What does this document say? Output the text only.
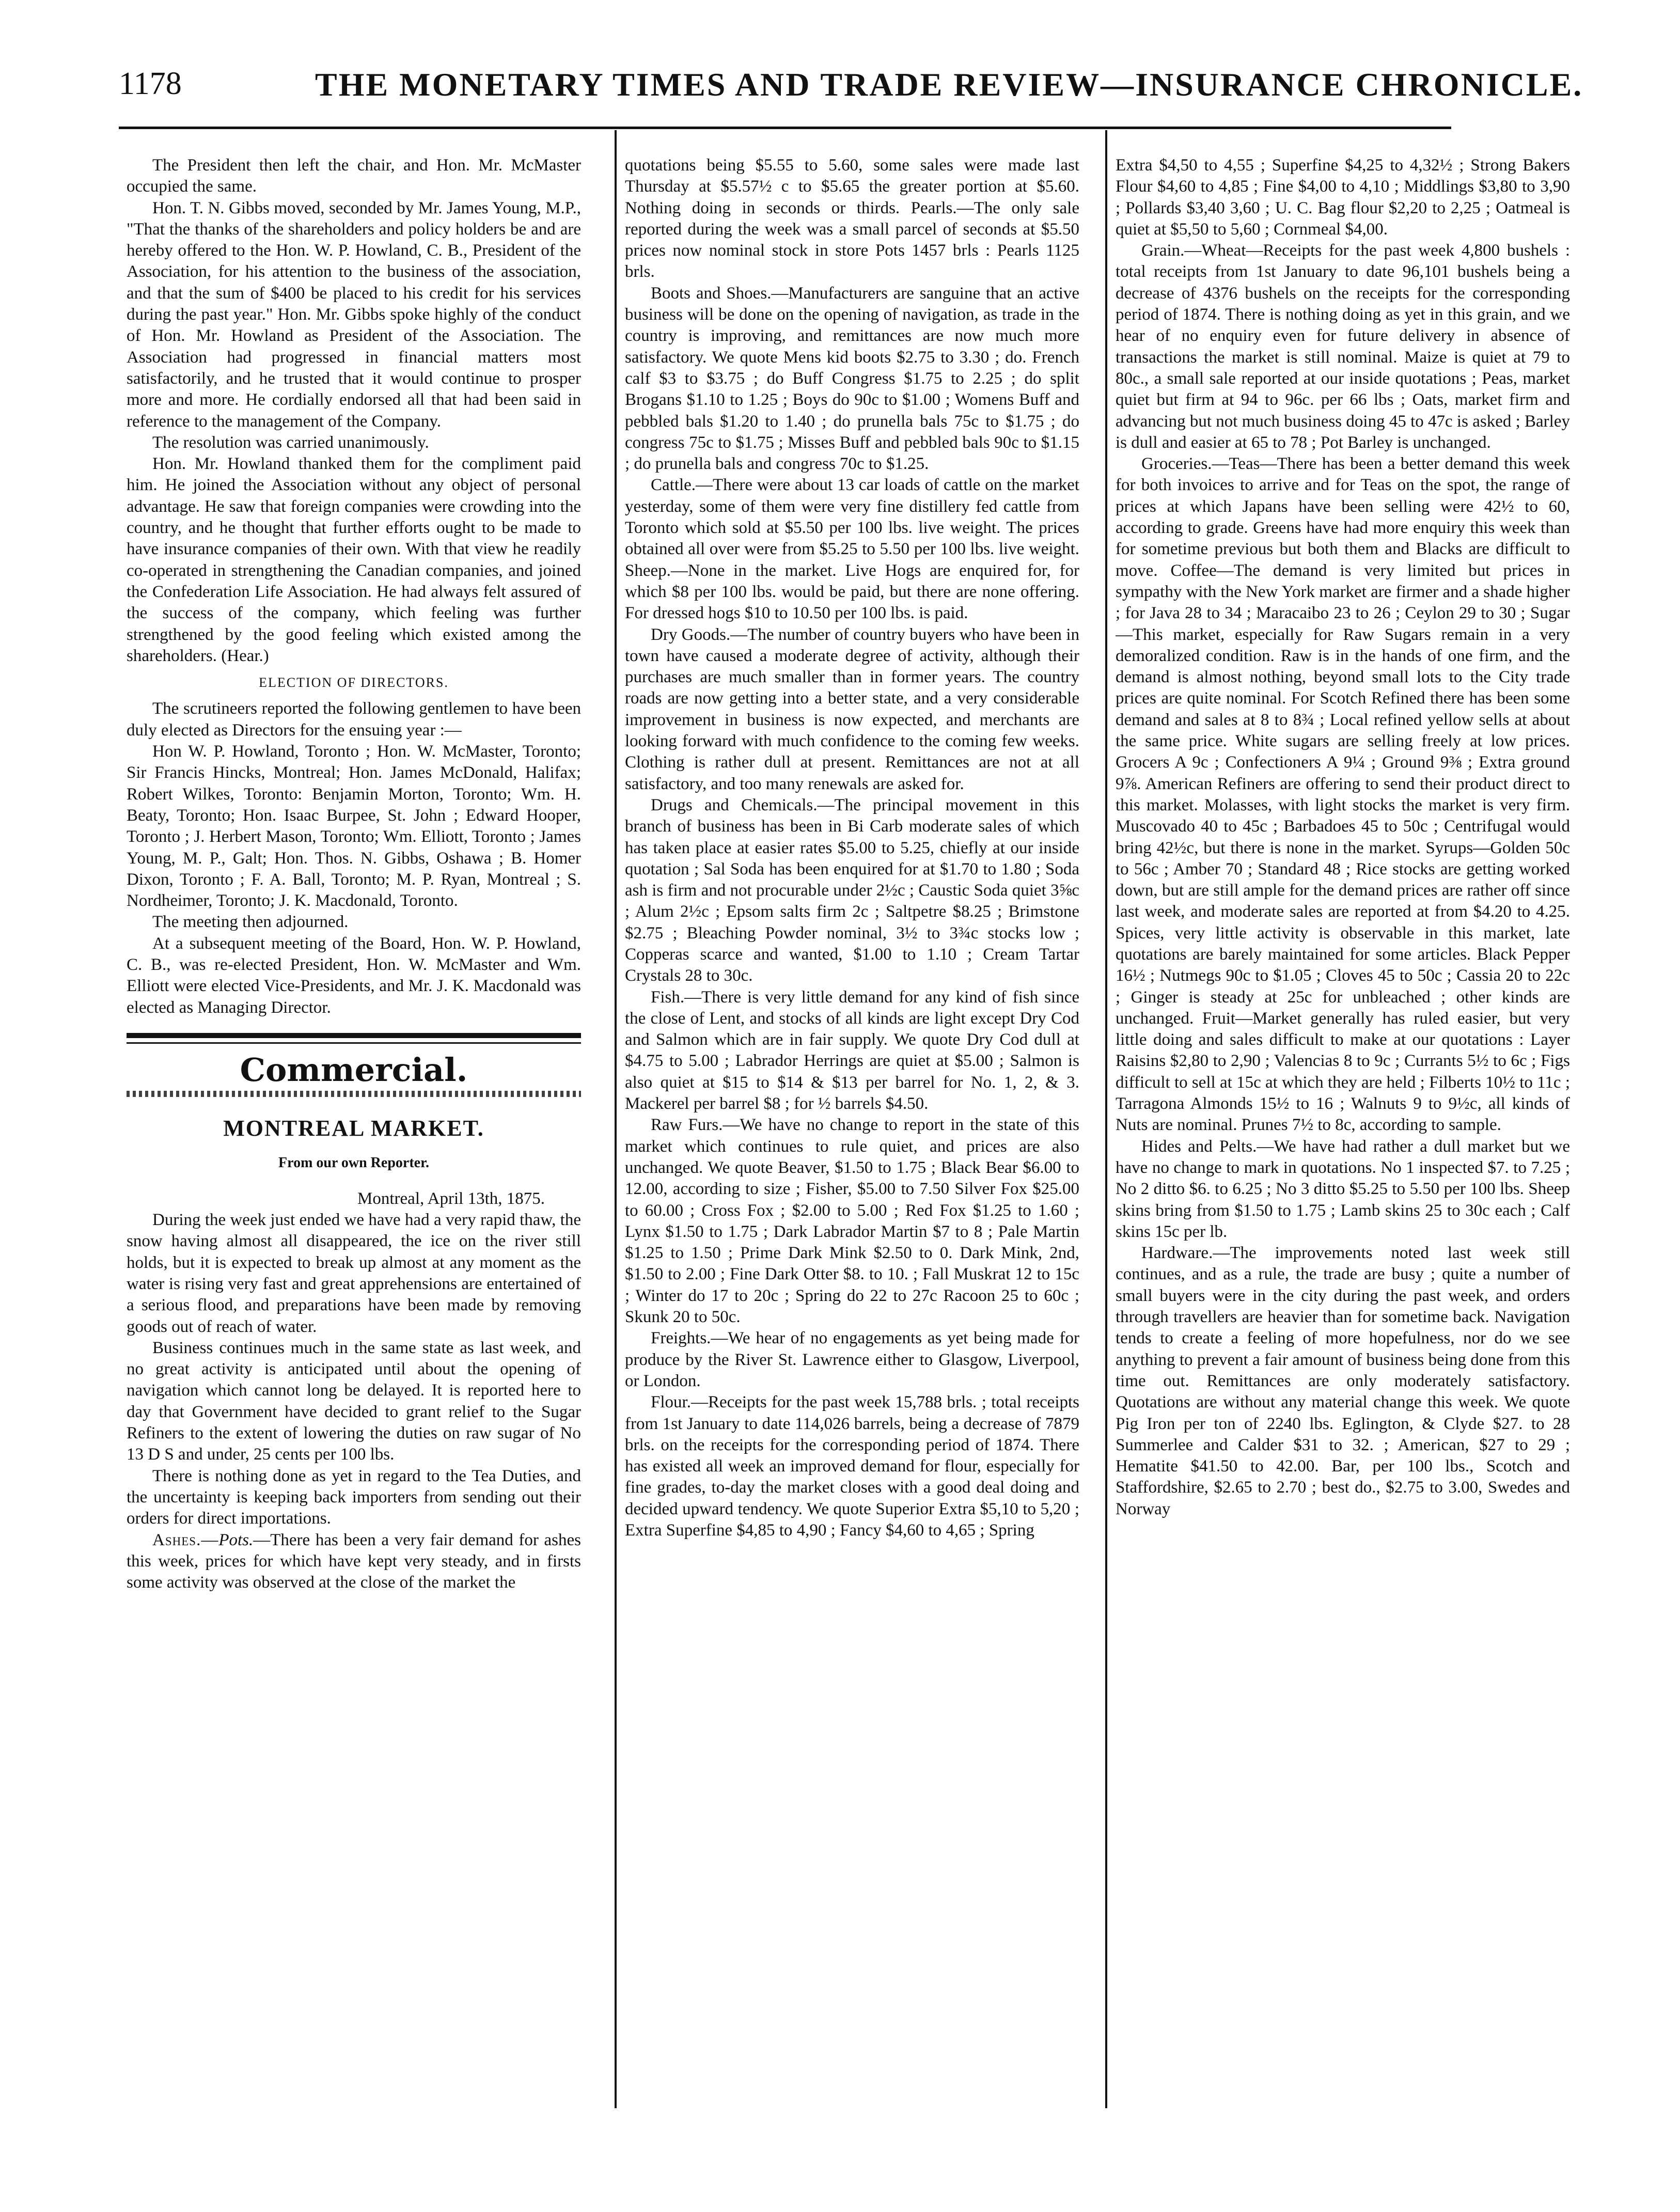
1178	THE MONETARY TIMES AND TRADE REVIEW—INSURANCE CHRONICLE.

The President then left the chair, and Hon. Mr. McMaster occupied the same.

Hon. T. N. Gibbs moved, seconded by Mr. James Young, M.P., "That the thanks of the shareholders and policy holders be and are hereby offered to the Hon. W. P. Howland, C. B., President of the Association, for his attention to the business of the association, and that the sum of $400 be placed to his credit for his services during the past year." Hon. Mr. Gibbs spoke highly of the conduct of Hon. Mr. Howland as President of the Association. The Association had progressed in financial matters most satisfactorily, and he trusted that it would continue to prosper more and more. He cordially endorsed all that had been said in reference to the management of the Company.

The resolution was carried unanimously.

Hon. Mr. Howland thanked them for the compliment paid him. He joined the Association without any object of personal advantage. He saw that foreign companies were crowding into the country, and he thought that further efforts ought to be made to have insurance companies of their own. With that view he readily co-operated in strengthening the Canadian companies, and joined the Confederation Life Association. He had always felt assured of the success of the company, which feeling was further strengthened by the good feeling which existed among the shareholders. (Hear.)

ELECTION OF DIRECTORS.

The scrutineers reported the following gentlemen to have been duly elected as Directors for the ensuing year :—

Hon W. P. Howland, Toronto ; Hon. W. McMaster, Toronto; Sir Francis Hincks, Montreal; Hon. James McDonald, Halifax; Robert Wilkes, Toronto: Benjamin Morton, Toronto; Wm. H. Beaty, Toronto; Hon. Isaac Burpee, St. John ; Edward Hooper, Toronto ; J. Herbert Mason, Toronto; Wm. Elliott, Toronto ; James Young, M. P., Galt; Hon. Thos. N. Gibbs, Oshawa ; B. Homer Dixon, Toronto ; F. A. Ball, Toronto; M. P. Ryan, Montreal ; S. Nordheimer, Toronto; J. K. Macdonald, Toronto.

The meeting then adjourned.

At a subsequent meeting of the Board, Hon. W. P. Howland, C. B., was re-elected President, Hon. W. McMaster and Wm. Elliott were elected Vice-Presidents, and Mr. J. K. Macdonald was elected as Managing Director.

Commercial.
MONTREAL MARKET.
From our own Reporter.

Montreal, April 13th, 1875.

During the week just ended we have had a very rapid thaw, the snow having almost all disappeared, the ice on the river still holds, but it is expected to break up almost at any moment as the water is rising very fast and great apprehensions are entertained of a serious flood, and preparations have been made by removing goods out of reach of water.

Business continues much in the same state as last week, and no great activity is anticipated until about the opening of navigation which cannot long be delayed. It is reported here to day that Government have decided to grant relief to the Sugar Refiners to the extent of lowering the duties on raw sugar of No 13 D S and under, 25 cents per 100 lbs.

There is nothing done as yet in regard to the Tea Duties, and the uncertainty is keeping back importers from sending out their orders for direct importations.

Ashes.—Pots.—There has been a very fair demand for ashes this week, prices for which have kept very steady, and in firsts some activity was observed at the close of the market the

quotations being $5.55 to 5.60, some sales were made last Thursday at $5.57½ c to $5.65 the greater portion at $5.60. Nothing doing in seconds or thirds. Pearls.—The only sale reported during the week was a small parcel of seconds at $5.50 prices now nominal stock in store Pots 1457 brls : Pearls 1125 brls.

Boots and Shoes.—Manufacturers are sanguine that an active business will be done on the opening of navigation, as trade in the country is improving, and remittances are now much more satisfactory. We quote Mens kid boots $2.75 to 3.30 ; do. French calf $3 to $3.75 ; do Buff Congress $1.75 to 2.25 ; do split Brogans $1.10 to 1.25 ; Boys do 90c to $1.00 ; Womens Buff and pebbled bals $1.20 to 1.40 ; do prunella bals 75c to $1.75 ; do congress 75c to $1.75 ; Misses Buff and pebbled bals 90c to $1.15 ; do prunella bals and congress 70c to $1.25.

Cattle.—There were about 13 car loads of cattle on the market yesterday, some of them were very fine distillery fed cattle from Toronto which sold at $5.50 per 100 lbs. live weight. The prices obtained all over were from $5.25 to 5.50 per 100 lbs. live weight. Sheep.—None in the market. Live Hogs are enquired for, for which $8 per 100 lbs. would be paid, but there are none offering. For dressed hogs $10 to 10.50 per 100 lbs. is paid.

Dry Goods.—The number of country buyers who have been in town have caused a moderate degree of activity, although their purchases are much smaller than in former years. The country roads are now getting into a better state, and a very considerable improvement in business is now expected, and merchants are looking forward with much confidence to the coming few weeks. Clothing is rather dull at present. Remittances are not at all satisfactory, and too many renewals are asked for.

Drugs and Chemicals.—The principal movement in this branch of business has been in Bi Carb moderate sales of which has taken place at easier rates $5.00 to 5.25, chiefly at our inside quotation ; Sal Soda has been enquired for at $1.70 to 1.80 ; Soda ash is firm and not procurable under 2½c ; Caustic Soda quiet 3⅝c ; Alum 2½c ; Epsom salts firm 2c ; Saltpetre $8.25 ; Brimstone $2.75 ; Bleaching Powder nominal, 3½ to 3¾c stocks low ; Copperas scarce and wanted, $1.00 to 1.10 ; Cream Tartar Crystals 28 to 30c.

Fish.—There is very little demand for any kind of fish since the close of Lent, and stocks of all kinds are light except Dry Cod and Salmon which are in fair supply. We quote Dry Cod dull at $4.75 to 5.00 ; Labrador Herrings are quiet at $5.00 ; Salmon is also quiet at $15 to $14 & $13 per barrel for No. 1, 2, & 3. Mackerel per barrel $8 ; for ½ barrels $4.50.

Raw Furs.—We have no change to report in the state of this market which continues to rule quiet, and prices are also unchanged. We quote Beaver, $1.50 to 1.75 ; Black Bear $6.00 to 12.00, according to size ; Fisher, $5.00 to 7.50 Silver Fox $25.00 to 60.00 ; Cross Fox ; $2.00 to 5.00 ; Red Fox $1.25 to 1.60 ; Lynx $1.50 to 1.75 ; Dark Labrador Martin $7 to 8 ; Pale Martin $1.25 to 1.50 ; Prime Dark Mink $2.50 to 0. Dark Mink, 2nd, $1.50 to 2.00 ; Fine Dark Otter $8. to 10. ; Fall Muskrat 12 to 15c ; Winter do 17 to 20c ; Spring do 22 to 27c Racoon 25 to 60c ; Skunk 20 to 50c.

Freights.—We hear of no engagements as yet being made for produce by the River St. Lawrence either to Glasgow, Liverpool, or London.

Flour.—Receipts for the past week 15,788 brls. ; total receipts from 1st January to date 114,026 barrels, being a decrease of 7879 brls. on the receipts for the corresponding period of 1874. There has existed all week an improved demand for flour, especially for fine grades, to-day the market closes with a good deal doing and decided upward tendency. We quote Superior Extra $5,10 to 5,20 ; Extra Superfine $4,85 to 4,90 ; Fancy $4,60 to 4,65 ; Spring

Extra $4,50 to 4,55 ; Superfine $4,25 to 4,32½ ; Strong Bakers Flour $4,60 to 4,85 ; Fine $4,00 to 4,10 ; Middlings $3,80 to 3,90 ; Pollards $3,40 3,60 ; U. C. Bag flour $2,20 to 2,25 ; Oatmeal is quiet at $5,50 to 5,60 ; Cornmeal $4,00.

Grain.—Wheat—Receipts for the past week 4,800 bushels : total receipts from 1st January to date 96,101 bushels being a decrease of 4376 bushels on the receipts for the corresponding period of 1874. There is nothing doing as yet in this grain, and we hear of no enquiry even for future delivery in absence of transactions the market is still nominal. Maize is quiet at 79 to 80c., a small sale reported at our inside quotations ; Peas, market quiet but firm at 94 to 96c. per 66 lbs ; Oats, market firm and advancing but not much business doing 45 to 47c is asked ; Barley is dull and easier at 65 to 78 ; Pot Barley is unchanged.

Groceries.—Teas—There has been a better demand this week for both invoices to arrive and for Teas on the spot, the range of prices at which Japans have been selling were 42½ to 60, according to grade. Greens have had more enquiry this week than for sometime previous but both them and Blacks are difficult to move. Coffee—The demand is very limited but prices in sympathy with the New York market are firmer and a shade higher ; for Java 28 to 34 ; Maracaibo 23 to 26 ; Ceylon 29 to 30 ; Sugar—This market, especially for Raw Sugars remain in a very demoralized condition. Raw is in the hands of one firm, and the demand is almost nothing, beyond small lots to the City trade prices are quite nominal. For Scotch Refined there has been some demand and sales at 8 to 8¾ ; Local refined yellow sells at about the same price. White sugars are selling freely at low prices. Grocers A 9c ; Confectioners A 9¼ ; Ground 9⅜ ; Extra ground 9⅞. American Refiners are offering to send their product direct to this market. Molasses, with light stocks the market is very firm. Muscovado 40 to 45c ; Barbadoes 45 to 50c ; Centrifugal would bring 42½c, but there is none in the market. Syrups—Golden 50c to 56c ; Amber 70 ; Standard 48 ; Rice stocks are getting worked down, but are still ample for the demand prices are rather off since last week, and moderate sales are reported at from $4.20 to 4.25. Spices, very little activity is observable in this market, late quotations are barely maintained for some articles. Black Pepper 16½ ; Nutmegs 90c to $1.05 ; Cloves 45 to 50c ; Cassia 20 to 22c ; Ginger is steady at 25c for unbleached ; other kinds are unchanged. Fruit—Market generally has ruled easier, but very little doing and sales difficult to make at our quotations : Layer Raisins $2,80 to 2,90 ; Valencias 8 to 9c ; Currants 5½ to 6c ; Figs difficult to sell at 15c at which they are held ; Filberts 10½ to 11c ; Tarragona Almonds 15½ to 16 ; Walnuts 9 to 9½c, all kinds of Nuts are nominal. Prunes 7½ to 8c, according to sample.

Hides and Pelts.—We have had rather a dull market but we have no change to mark in quotations. No 1 inspected $7. to 7.25 ; No 2 ditto $6. to 6.25 ; No 3 ditto $5.25 to 5.50 per 100 lbs. Sheep skins bring from $1.50 to 1.75 ; Lamb skins 25 to 30c each ; Calf skins 15c per lb.

Hardware.—The improvements noted last week still continues, and as a rule, the trade are busy ; quite a number of small buyers were in the city during the past week, and orders through travellers are heavier than for sometime back. Navigation tends to create a feeling of more hopefulness, nor do we see anything to prevent a fair amount of business being done from this time out. Remittances are only moderately satisfactory. Quotations are without any material change this week. We quote Pig Iron per ton of 2240 lbs. Eglington, & Clyde $27. to 28 Summerlee and Calder $31 to 32. ; American, $27 to 29 ; Hematite $41.50 to 42.00. Bar, per 100 lbs., Scotch and Staffordshire, $2.65 to 2.70 ; best do., $2.75 to 3.00, Swedes and Norway
